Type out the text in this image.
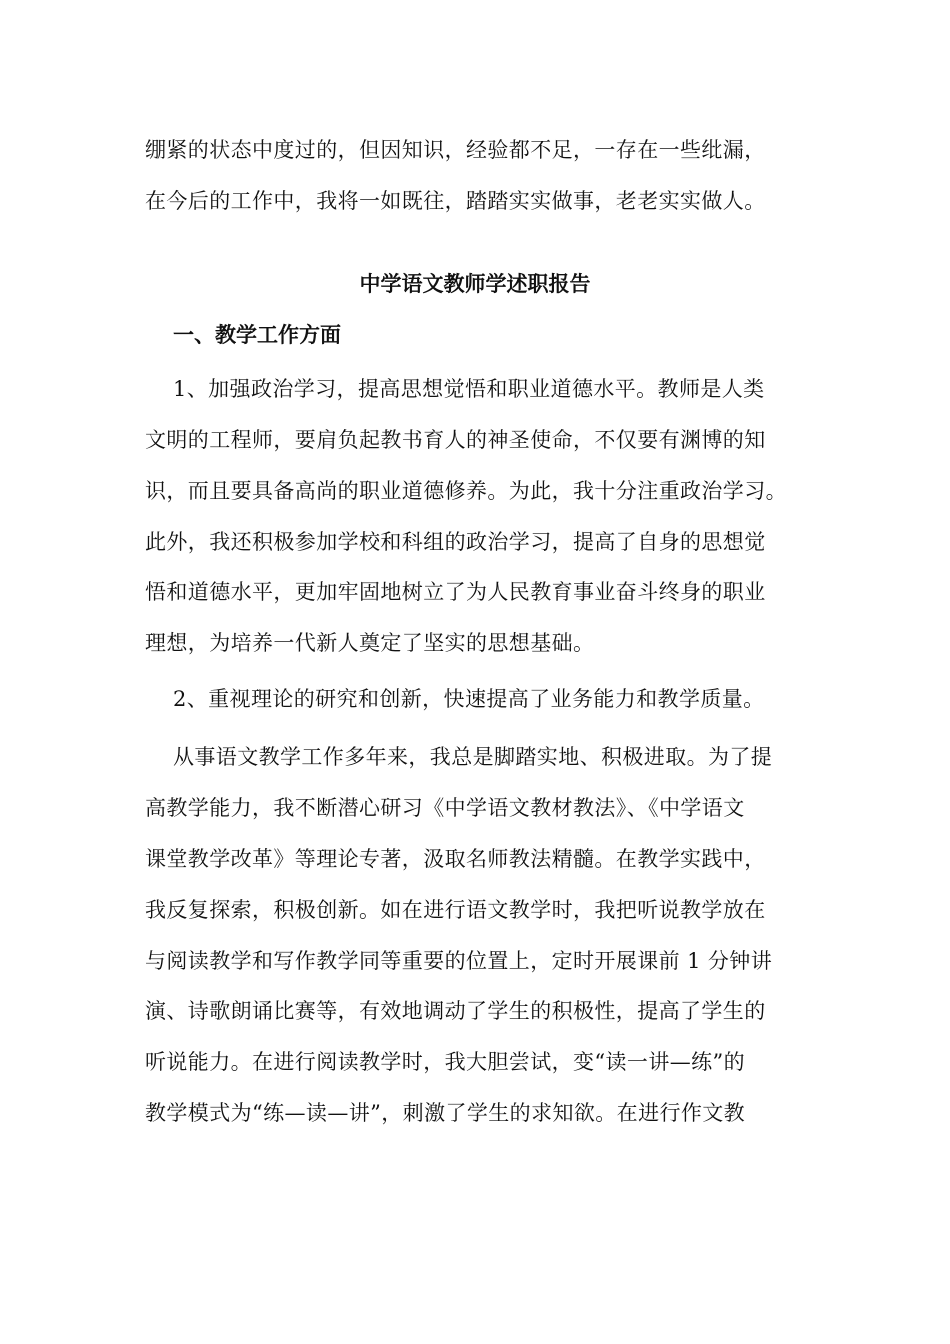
绷紧的状态中度过的，但因知识，经验都不足，一存在一些纰漏，
在今后的工作中，我将一如既往，踏踏实实做事，老老实实做人。
中学语文教师学述职报告
一、教学工作方面
1、加强政治学习，提高思想觉悟和职业道德水平。教师是人类
文明的工程师，要肩负起教书育人的神圣使命，不仅要有渊博的知
识，而且要具备高尚的职业道德修养。为此，我十分注重政治学习。
此外，我还积极参加学校和科组的政治学习，提高了自身的思想觉
悟和道德水平，更加牢固地树立了为人民教育事业奋斗终身的职业
理想，为培养一代新人奠定了坚实的思想基础。
2、重视理论的研究和创新，快速提高了业务能力和教学质量。
从事语文教学工作多年来，我总是脚踏实地、积极进取。为了提
高教学能力，我不断潜心研习《中学语文教材教法》、《中学语文
课堂教学改革》等理论专著，汲取名师教法精髓。在教学实践中，
我反复探索，积极创新。如在进行语文教学时，我把听说教学放在
与阅读教学和写作教学同等重要的位置上，定时开展课前 1 分钟讲
演、诗歌朗诵比赛等，有效地调动了学生的积极性，提高了学生的
听说能力。在进行阅读教学时，我大胆尝试，变“读一讲—练”的
教学模式为“练—读—讲”，刺激了学生的求知欲。在进行作文教
